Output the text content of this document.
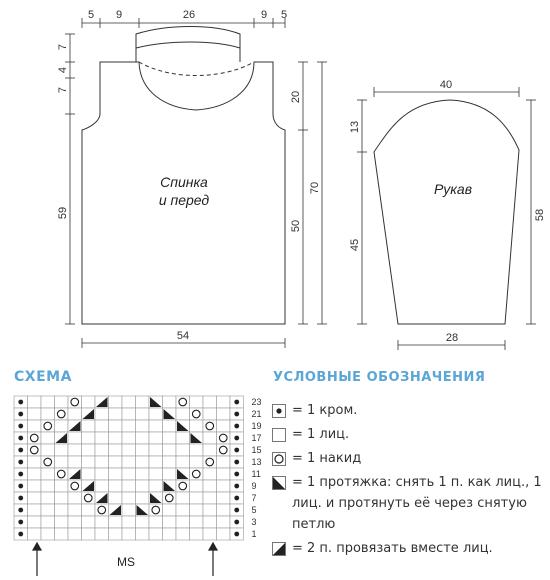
5 9	26	9 5
7
4
7
59
20
50
70
54
Спинка
и перед
40
13
45
58
28
Рукав
23
21
19
17
15
13
11
9
7
5
3
1
MS
СХЕМА	УСЛОВНЫЕ ОБОЗНАЧЕНИЯ
= 1 кром.
= 1 лиц.
= 1 накид
= 1 протяжка: снять 1 п. как лиц., 1 лиц. и протянуть её через снятую петлю
= 2 п. провязать вместе лиц.
